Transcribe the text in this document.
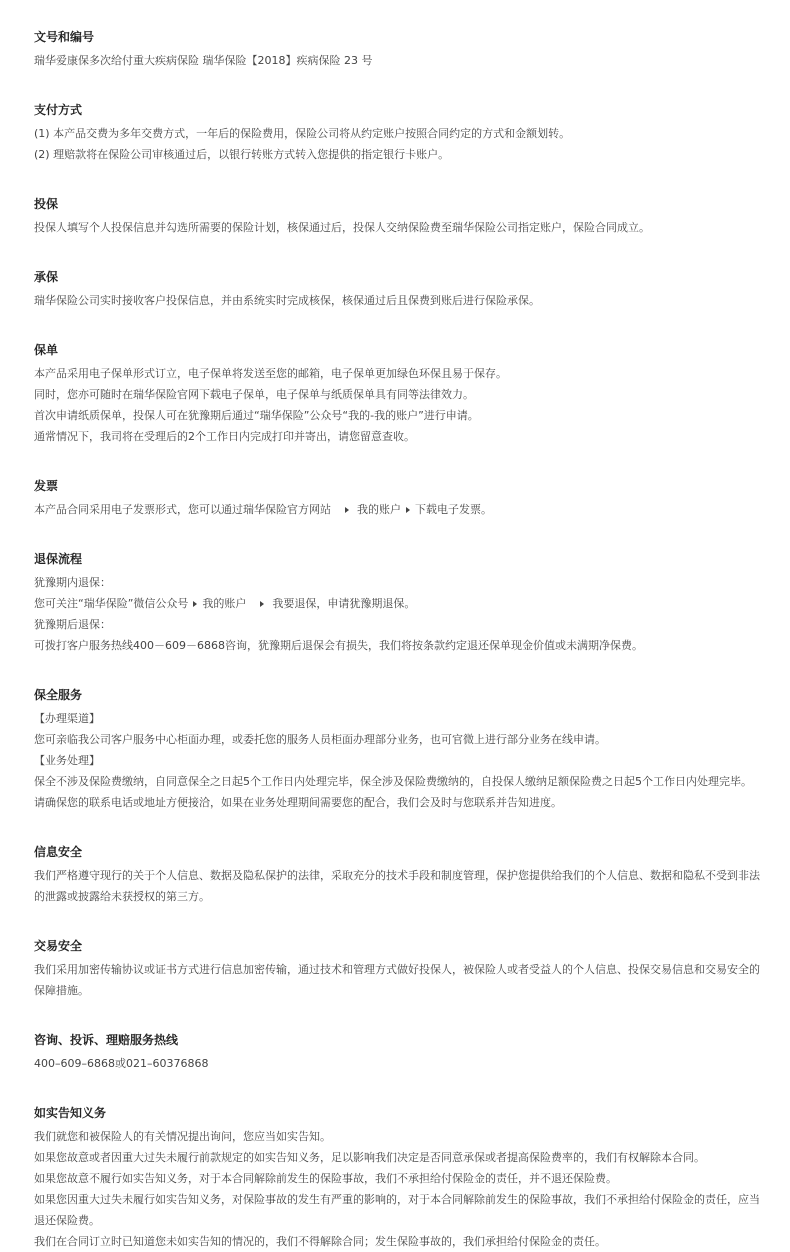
文号和编号

瑞华爱康保多次给付重大疾病保险 瑞华保险【2018】疾病保险 23 号

支付方式

(1) 本产品交费为多年交费方式，一年后的保险费用，保险公司将从约定账户按照合同约定的方式和金额划转。

(2) 理赔款将在保险公司审核通过后，以银行转账方式转入您提供的指定银行卡账户。

投保

投保人填写个人投保信息并勾选所需要的保险计划，核保通过后，投保人交纳保险费至瑞华保险公司指定账户，保险合同成立。

承保

瑞华保险公司实时接收客户投保信息，并由系统实时完成核保，核保通过后且保费到账后进行保险承保。

保单

本产品采用电子保单形式订立，电子保单将发送至您的邮箱，电子保单更加绿色环保且易于保存。

同时，您亦可随时在瑞华保险官网下载电子保单，电子保单与纸质保单具有同等法律效力。

首次申请纸质保单，投保人可在犹豫期后通过“瑞华保险”公众号“我的-我的账户”进行申请。

通常情况下，我司将在受理后的2个工作日内完成打印并寄出，请您留意查收。

发票

本产品合同采用电子发票形式，您可以通过瑞华保险官方网站 我的账户 下载电子发票。

退保流程

犹豫期内退保：

您可关注“瑞华保险”微信公众号 我的账户 我要退保，申请犹豫期退保。

犹豫期后退保：

可拨打客户服务热线400－609－6868咨询，犹豫期后退保会有损失，我们将按条款约定退还保单现金价值或未满期净保费。

保全服务

【办理渠道】

您可亲临我公司客户服务中心柜面办理，或委托您的服务人员柜面办理部分业务，也可官微上进行部分业务在线申请。

【业务处理】

保全不涉及保险费缴纳，自同意保全之日起5个工作日内处理完毕，保全涉及保险费缴纳的，自投保人缴纳足额保险费之日起5个工作日内处理完毕。

请确保您的联系电话或地址方便接洽，如果在业务处理期间需要您的配合，我们会及时与您联系并告知进度。

信息安全

我们严格遵守现行的关于个人信息、数据及隐私保护的法律，采取充分的技术手段和制度管理，保护您提供给我们的个人信息、数据和隐私不受到非法的泄露或披露给未获授权的第三方。

交易安全

我们采用加密传输协议或证书方式进行信息加密传输，通过技术和管理方式做好投保人，被保险人或者受益人的个人信息、投保交易信息和交易安全的保障措施。

咨询、投诉、理赔服务热线

400–609–6868或021–60376868

如实告知义务

我们就您和被保险人的有关情况提出询问，您应当如实告知。

如果您故意或者因重大过失未履行前款规定的如实告知义务，足以影响我们决定是否同意承保或者提高保险费率的，我们有权解除本合同。

如果您故意不履行如实告知义务，对于本合同解除前发生的保险事故，我们不承担给付保险金的责任，并不退还保险费。

如果您因重大过失未履行如实告知义务，对保险事故的发生有严重的影响的，对于本合同解除前发生的保险事故，我们不承担给付保险金的责任，应当退还保险费。

我们在合同订立时已知道您未如实告知的情况的，我们不得解除合同；发生保险事故的，我们承担给付保险金的责任。
